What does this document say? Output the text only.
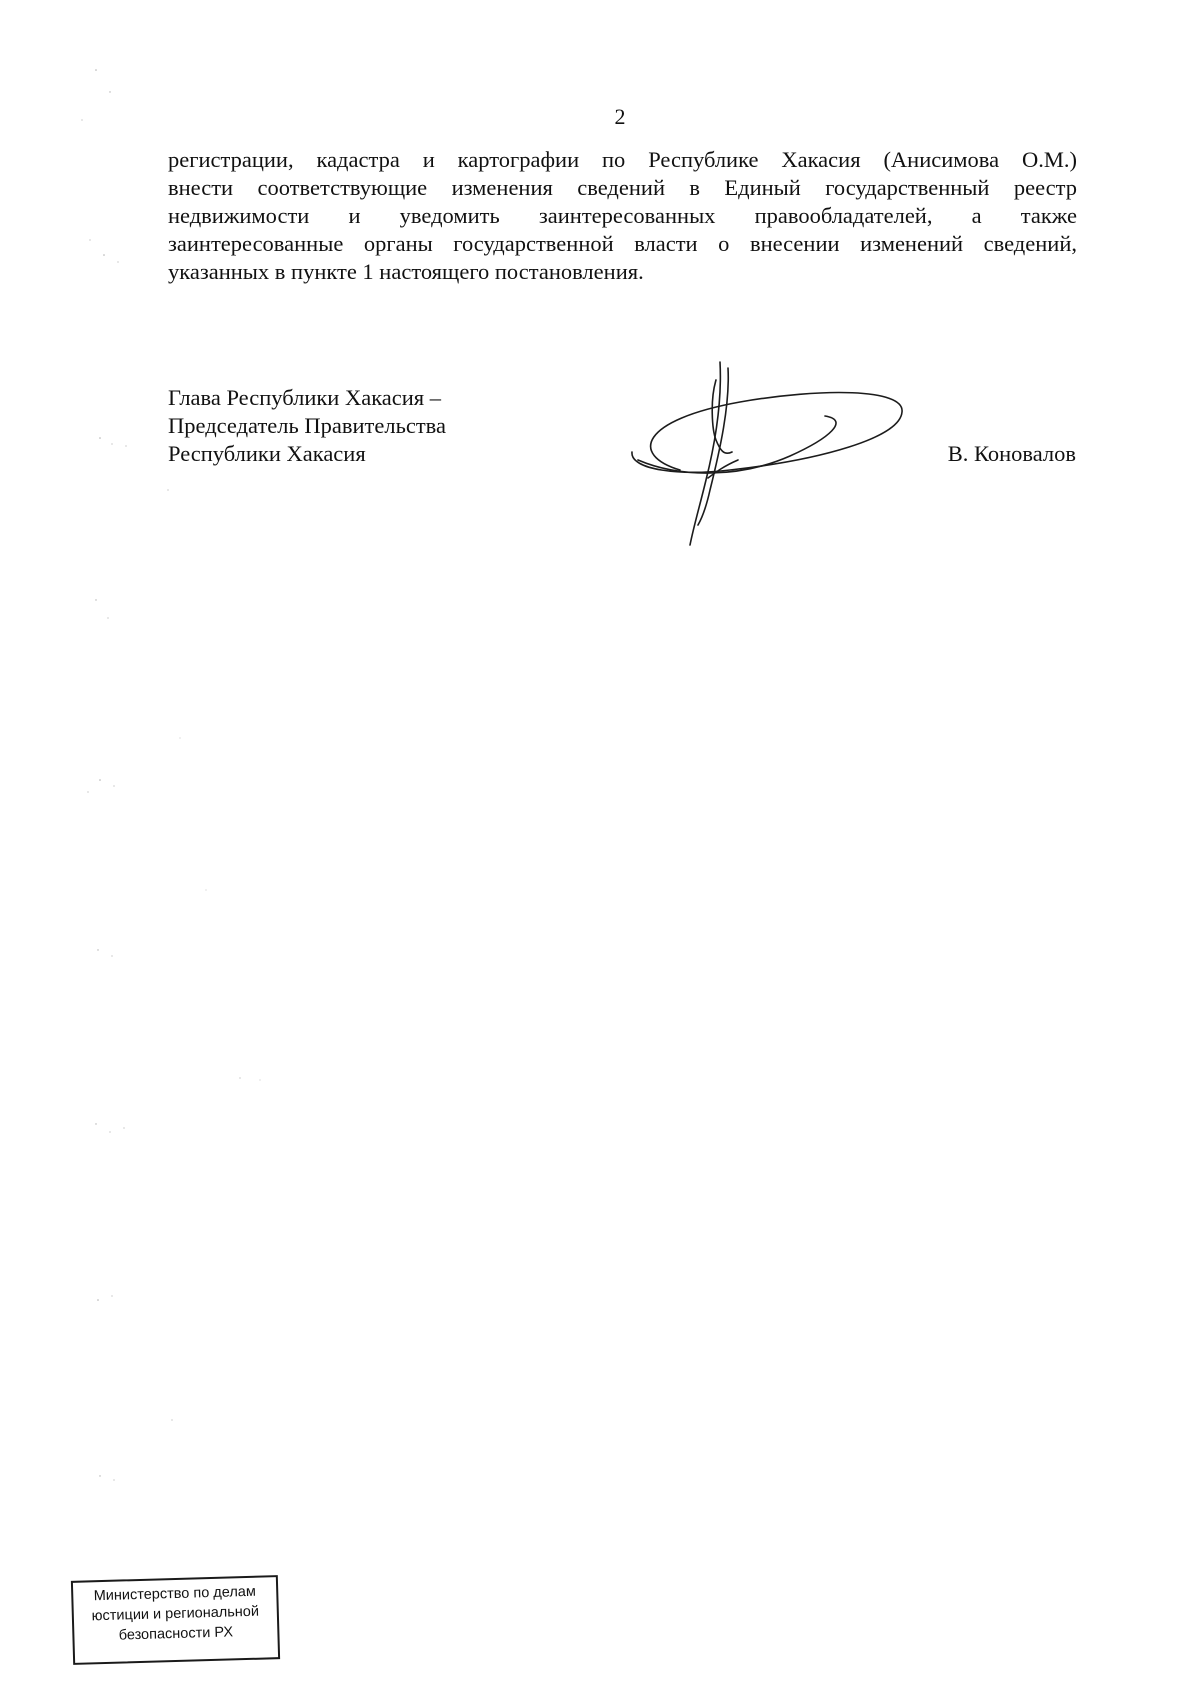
2
регистрации, кадастра и картографии по Республике Хакасия (Анисимова О.М.)
внести соответствующие изменения сведений в Единый государственный реестр
недвижимости и уведомить заинтересованных правообладателей, а также
заинтересованные органы государственной власти о внесении изменений сведений,
указанных в пункте 1 настоящего постановления.
Глава Республики Хакасия –
Председатель Правительства
Республики Хакасия	В. Коновалов
Министерство по делам
юстиции и региональной
безопасности РХ
